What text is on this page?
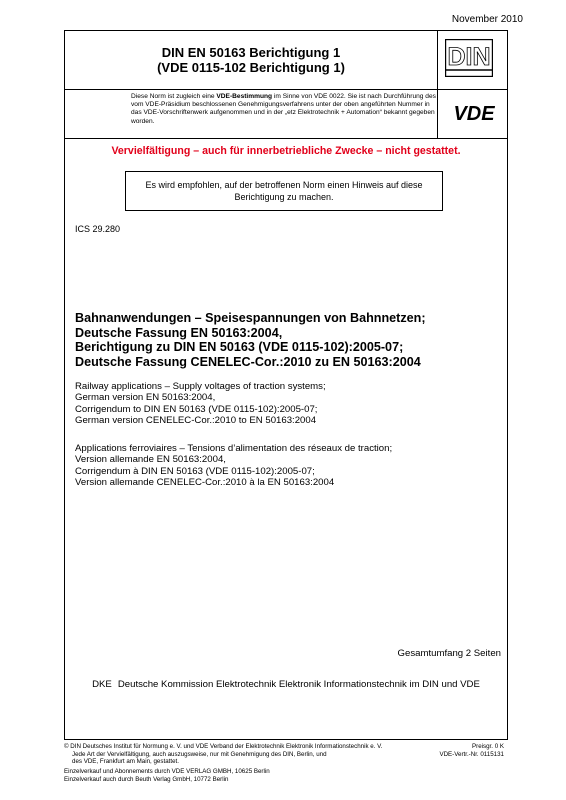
November 2010
DIN EN 50163 Berichtigung 1
(VDE 0115-102 Berichtigung 1)	DIN
Diese Norm ist zugleich eine VDE-Bestimmung im Sinne von VDE 0022. Sie ist nach Durchführung des vom VDE-Präsidium beschlossenen Genehmigungsverfahrens unter der oben angeführten Nummer in das VDE-Vorschriftenwerk aufgenommen und in der „etz Elektrotechnik + Automation“ bekannt gegeben worden.	VDE
Vervielfältigung – auch für innerbetriebliche Zwecke – nicht gestattet.
Es wird empfohlen, auf der betroffenen Norm einen Hinweis auf diese Berichtigung zu machen.
ICS 29.280
Bahnanwendungen – Speisespannungen von Bahnnetzen;
Deutsche Fassung EN 50163:2004,
Berichtigung zu DIN EN 50163 (VDE 0115-102):2005-07;
Deutsche Fassung CENELEC-Cor.:2010 zu EN 50163:2004
Railway applications – Supply voltages of traction systems;
German version EN 50163:2004,
Corrigendum to DIN EN 50163 (VDE 0115-102):2005-07;
German version CENELEC-Cor.:2010 to EN 50163:2004
Applications ferroviaires – Tensions d’alimentation des réseaux de traction;
Version allemande EN 50163:2004,
Corrigendum à DIN EN 50163 (VDE 0115-102):2005-07;
Version allemande CENELEC-Cor.:2010 à la EN 50163:2004
Gesamtumfang 2 Seiten
DKE Deutsche Kommission Elektrotechnik Elektronik Informationstechnik im DIN und VDE
© DIN Deutsches Institut für Normung e. V. und VDE Verband der Elektrotechnik Elektronik Informationstechnik e. V.
Jede Art der Vervielfältigung, auch auszugsweise, nur mit Genehmigung des DIN, Berlin, und
des VDE, Frankfurt am Main, gestattet.
Preisgr. 0 K
VDE-Vertr.-Nr. 0115131
Einzelverkauf und Abonnements durch VDE VERLAG GMBH, 10625 Berlin
Einzelverkauf auch durch Beuth Verlag GmbH, 10772 Berlin
